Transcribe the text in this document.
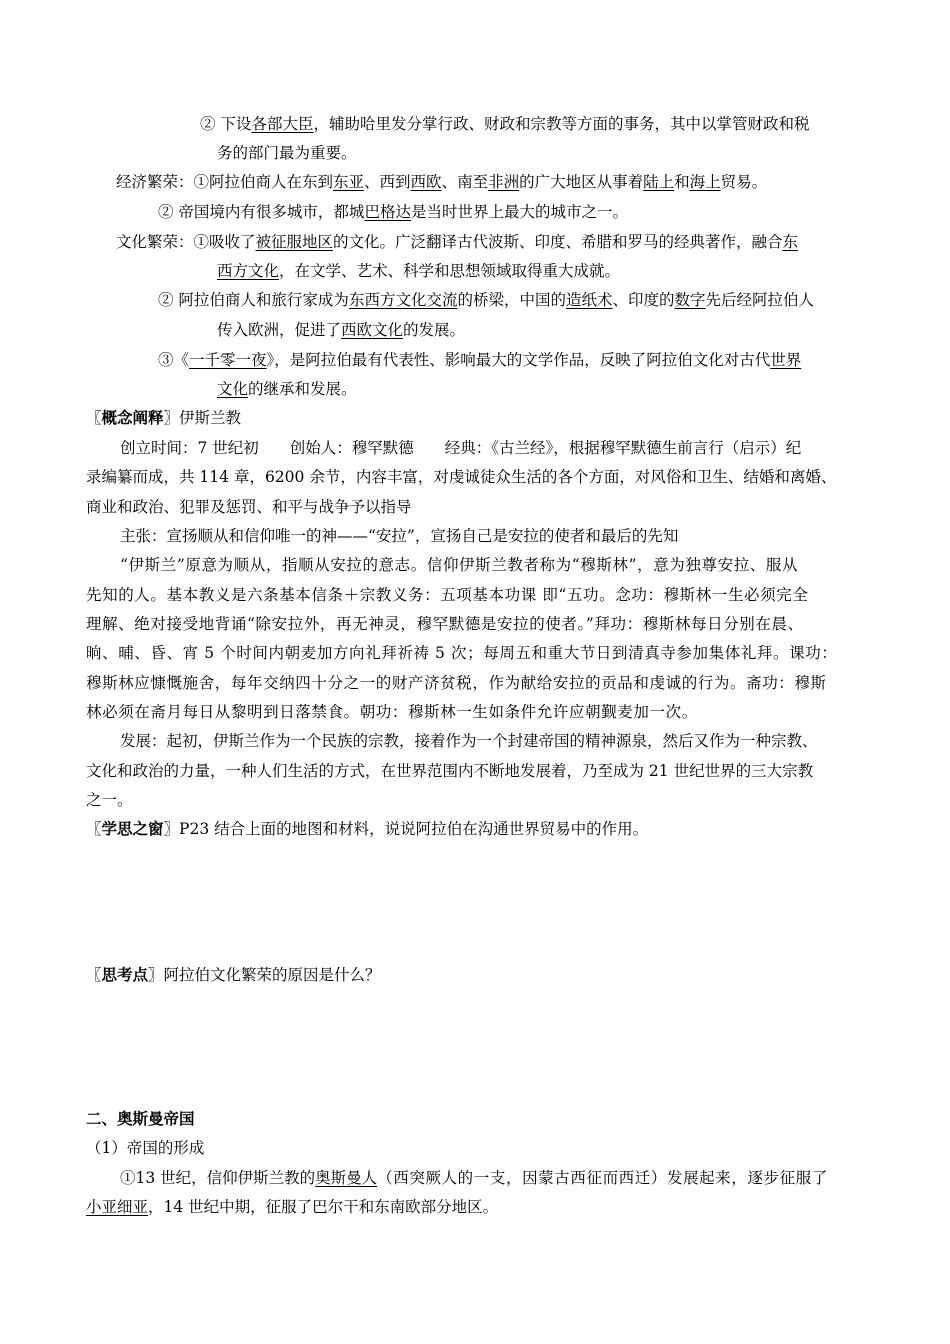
② 下设各部大臣，辅助哈里发分掌行政、财政和宗教等方面的事务，其中以掌管财政和税
务的部门最为重要。
经济繁荣：①阿拉伯商人在东到东亚、西到西欧、南至非洲的广大地区从事着陆上和海上贸易。
② 帝国境内有很多城市，都城巴格达是当时世界上最大的城市之一。
文化繁荣：①吸收了被征服地区的文化。广泛翻译古代波斯、印度、希腊和罗马的经典著作，融合东
西方文化，在文学、艺术、科学和思想领域取得重大成就。
② 阿拉伯商人和旅行家成为东西方文化交流的桥梁，中国的造纸术、印度的数字先后经阿拉伯人
传入欧洲，促进了西欧文化的发展。
③《一千零一夜》，是阿拉伯最有代表性、影响最大的文学作品，反映了阿拉伯文化对古代世界
文化的继承和发展。
〖概念阐释〗伊斯兰教
创立时间：7 世纪初　　创始人：穆罕默德　　经典：《古兰经》，根据穆罕默德生前言行（启示）纪
录编纂而成，共 114 章，6200 余节，内容丰富，对虔诚徒众生活的各个方面，对风俗和卫生、结婚和离婚、
商业和政治、犯罪及惩罚、和平与战争予以指导
主张：宣扬顺从和信仰唯一的神——“安拉”，宣扬自己是安拉的使者和最后的先知
“伊斯兰”原意为顺从，指顺从安拉的意志。信仰伊斯兰教者称为“穆斯林”，意为独尊安拉、服从
先知的人。基本教义是六条基本信条＋宗教义务：五项基本功课 即“五功。念功：穆斯林一生必须完全
理解、绝对接受地背诵“除安拉外，再无神灵，穆罕默德是安拉的使者。”拜功：穆斯林每日分别在晨、
晌、晡、昏、宵 5 个时间内朝麦加方向礼拜祈祷 5 次；每周五和重大节日到清真寺参加集体礼拜。课功：
穆斯林应慷慨施舍，每年交纳四十分之一的财产济贫税，作为献给安拉的贡品和虔诚的行为。斋功：穆斯
林必须在斋月每日从黎明到日落禁食。朝功：穆斯林一生如条件允许应朝觐麦加一次。
发展：起初，伊斯兰作为一个民族的宗教，接着作为一个封建帝国的精神源泉，然后又作为一种宗教、
文化和政治的力量，一种人们生活的方式，在世界范围内不断地发展着，乃至成为 21 世纪世界的三大宗教
之一。
〖学思之窗〗P23 结合上面的地图和材料，说说阿拉伯在沟通世界贸易中的作用。
〖思考点〗阿拉伯文化繁荣的原因是什么？
二、奥斯曼帝国
（1）帝国的形成
①13 世纪，信仰伊斯兰教的奥斯曼人（西突厥人的一支，因蒙古西征而西迁）发展起来，逐步征服了
小亚细亚，14 世纪中期，征服了巴尔干和东南欧部分地区。
